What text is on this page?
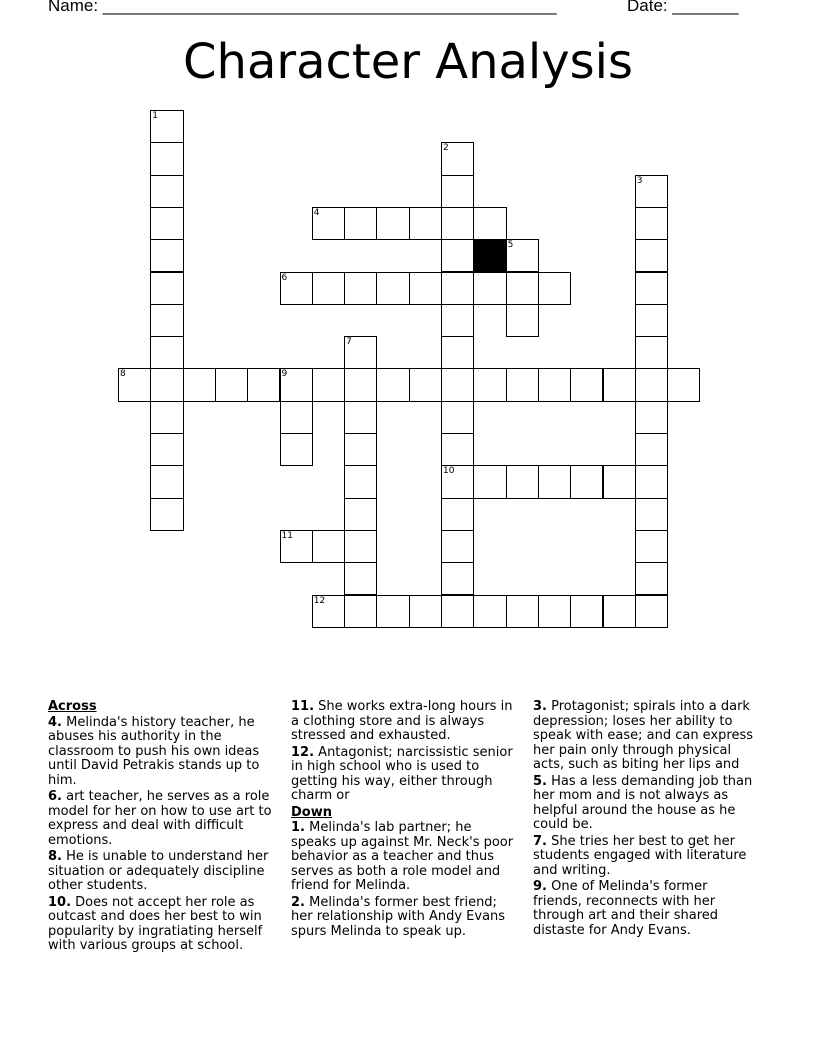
Name: ________________________________________________	Date: _______
Character Analysis
1
2
10
3
4
5
6
7
8	9
11
12
Across
4. Melinda's history teacher, he abuses his authority in the classroom to push his own ideas until David Petrakis stands up to him.
6. art teacher, he serves as a role model for her on how to use art to express and deal with difficult emotions.
8. He is unable to understand her situation or adequately discipline other students.
10. Does not accept her role as outcast and does her best to win popularity by ingratiating herself with various groups at school.
11. She works extra-long hours in a clothing store and is always stressed and exhausted.
12. Antagonist; narcissistic senior in high school who is used to getting his way, either through charm or
Down
1. Melinda's lab partner; he speaks up against Mr. Neck's poor behavior as a teacher and thus serves as both a role model and friend for Melinda.
2. Melinda's former best friend; her relationship with Andy Evans spurs Melinda to speak up.
3. Protagonist; spirals into a dark depression; loses her ability to speak with ease; and can express her pain only through physical acts, such as biting her lips and
5. Has a less demanding job than her mom and is not always as helpful around the house as he could be.
7. She tries her best to get her students engaged with literature and writing.
9. One of Melinda's former friends, reconnects with her through art and their shared distaste for Andy Evans.
